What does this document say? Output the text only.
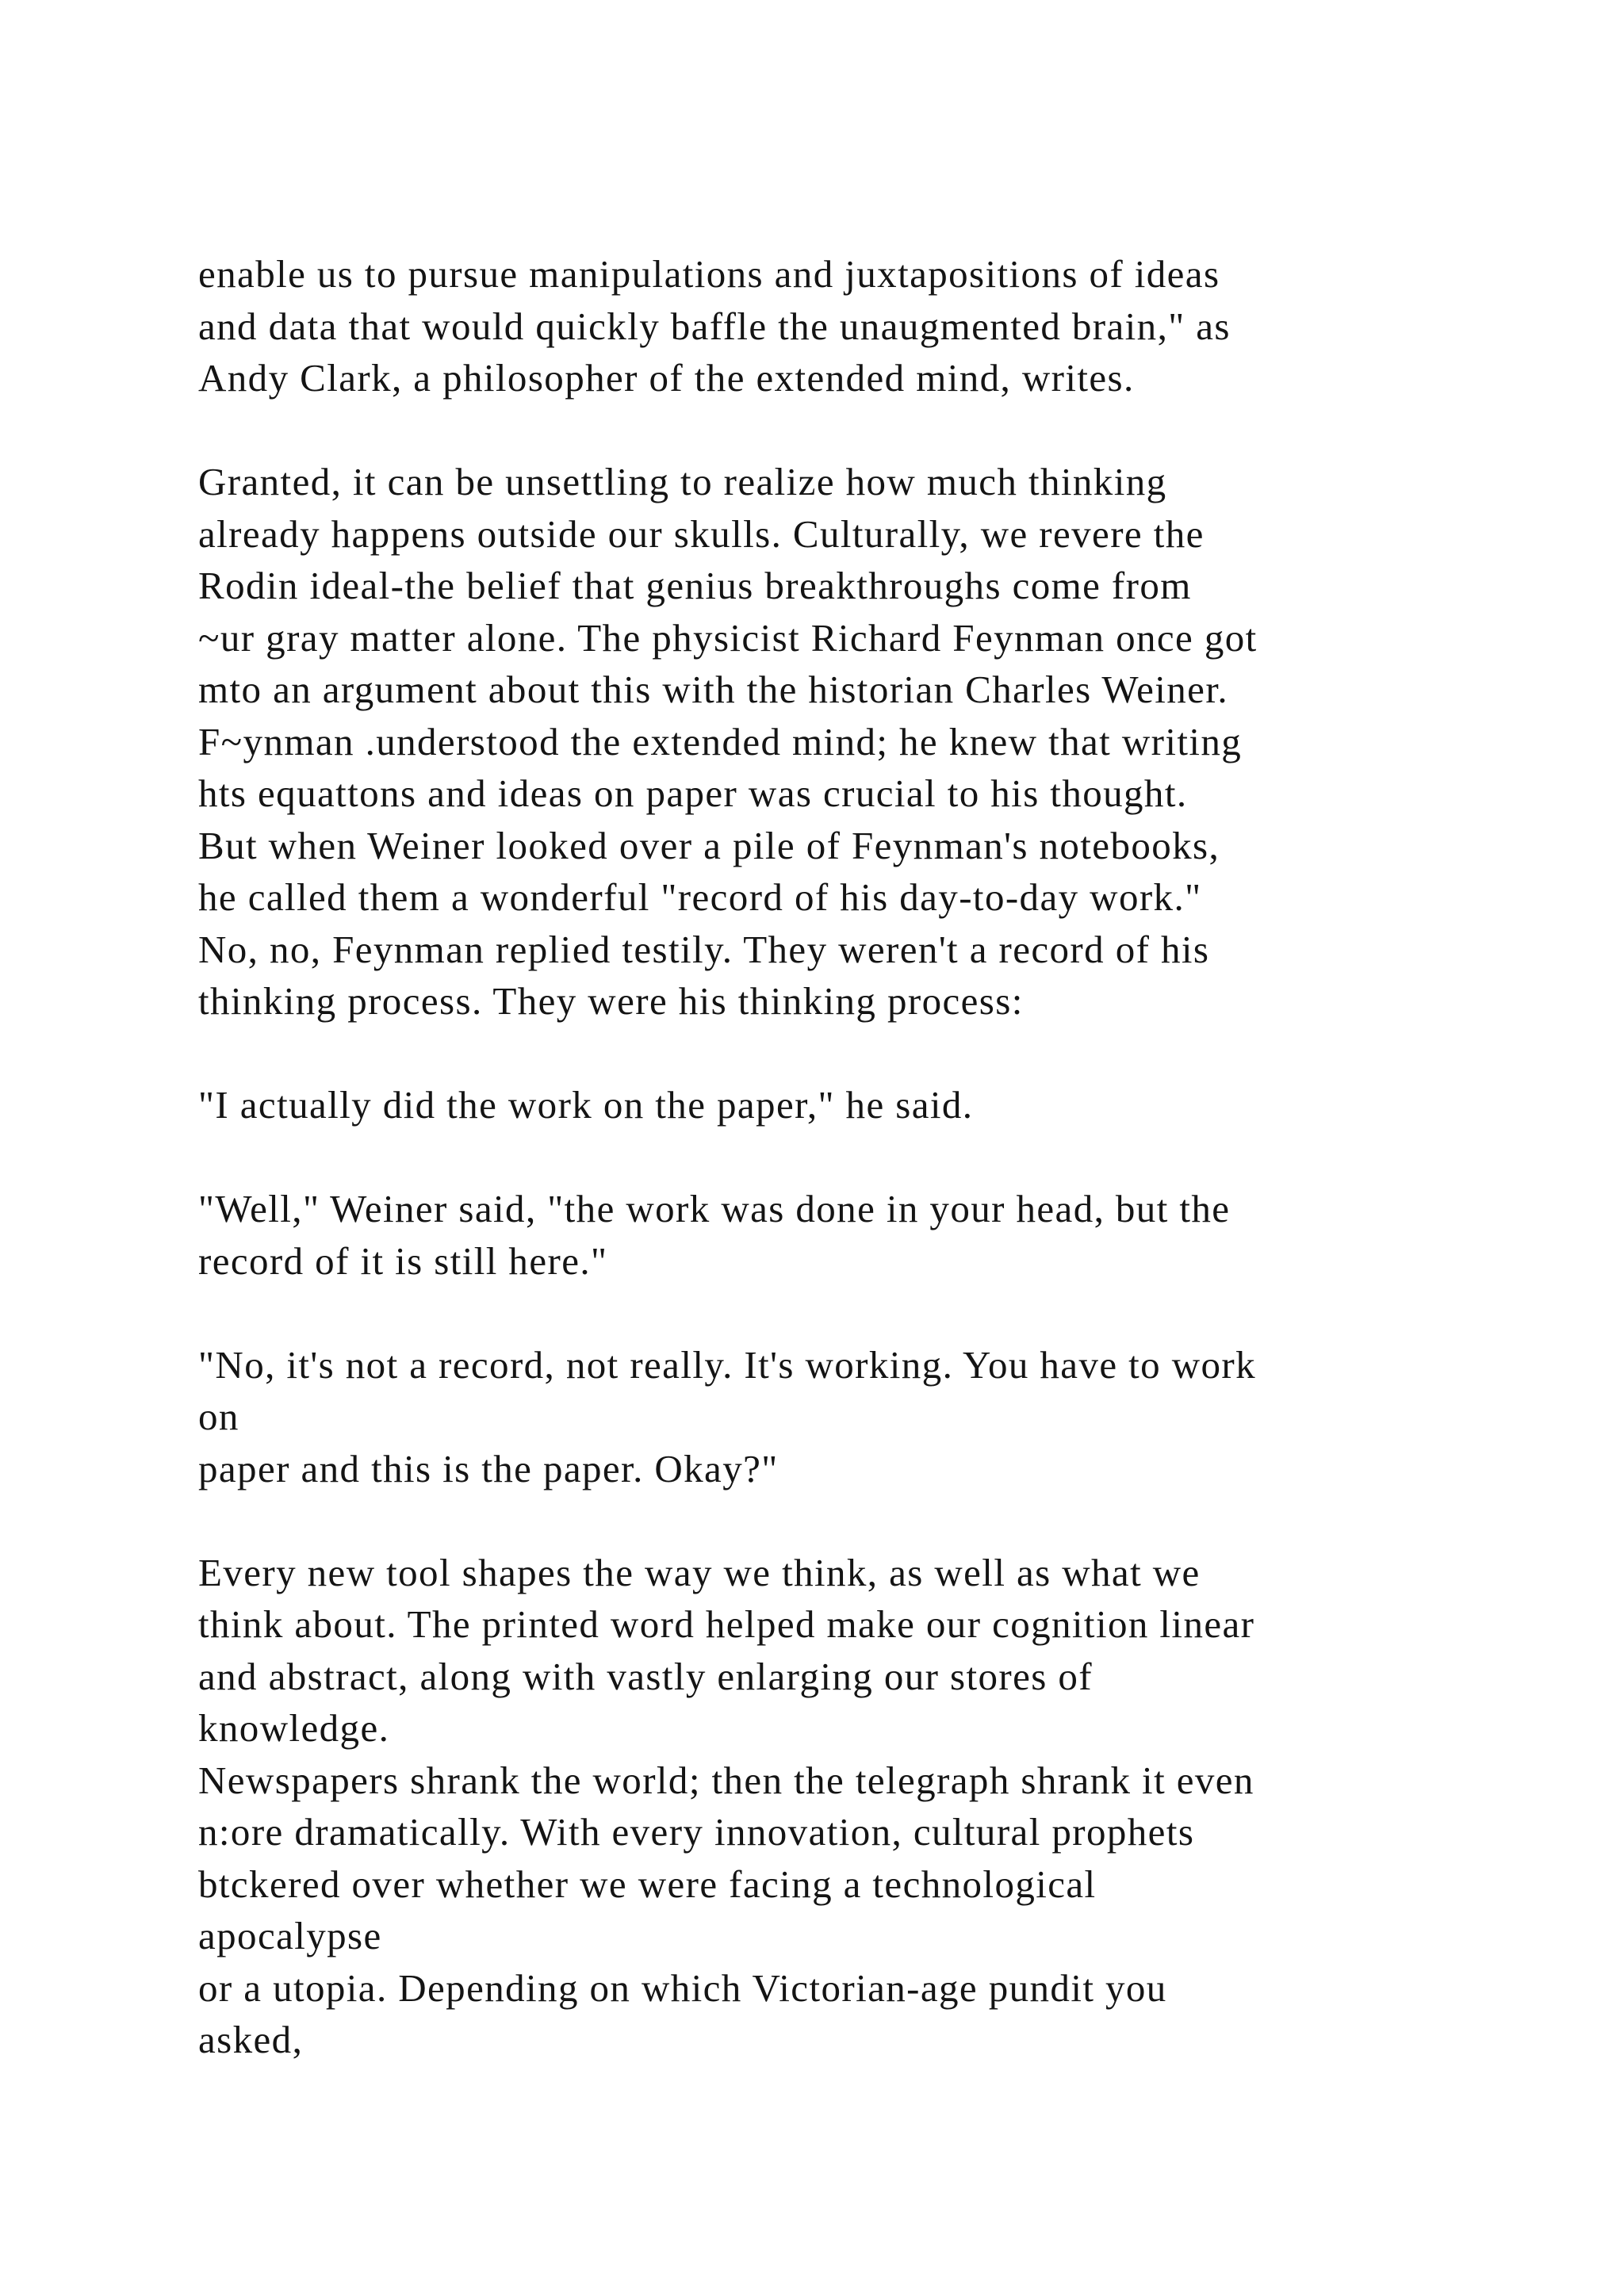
enable us to pursue manipulations and juxtapositions of ideas
and data that would quickly baffle the unaugmented brain," as
Andy Clark, a philosopher of the extended mind, writes.
Granted, it can be unsettling to realize how much thinking
already happens outside our skulls. Culturally, we revere the
Rodin ideal-the belief that genius breakthroughs come from
~ur gray matter alone. The physicist Richard Feynman once got
mto an argument about this with the historian Charles Weiner.
F~ynman .understood the extended mind; he knew that writing
hts equattons and ideas on paper was crucial to his thought.
But when Weiner looked over a pile of Feynman's notebooks,
he called them a wonderful "record of his day-to-day work."
No, no, Feynman replied testily. They weren't a record of his
thinking process. They were his thinking process:
"I actually did the work on the paper," he said.
"Well," Weiner said, "the work was done in your head, but the
record of it is still here."
"No, it's not a record, not really. It's working. You have to work
on
paper and this is the paper. Okay?"
Every new tool shapes the way we think, as well as what we
think about. The printed word helped make our cognition linear
and abstract, along with vastly enlarging our stores of
knowledge.
Newspapers shrank the world; then the telegraph shrank it even
n:ore dramatically. With every innovation, cultural prophets
btckered over whether we were facing a technological
apocalypse
or a utopia. Depending on which Victorian-age pundit you
asked,
